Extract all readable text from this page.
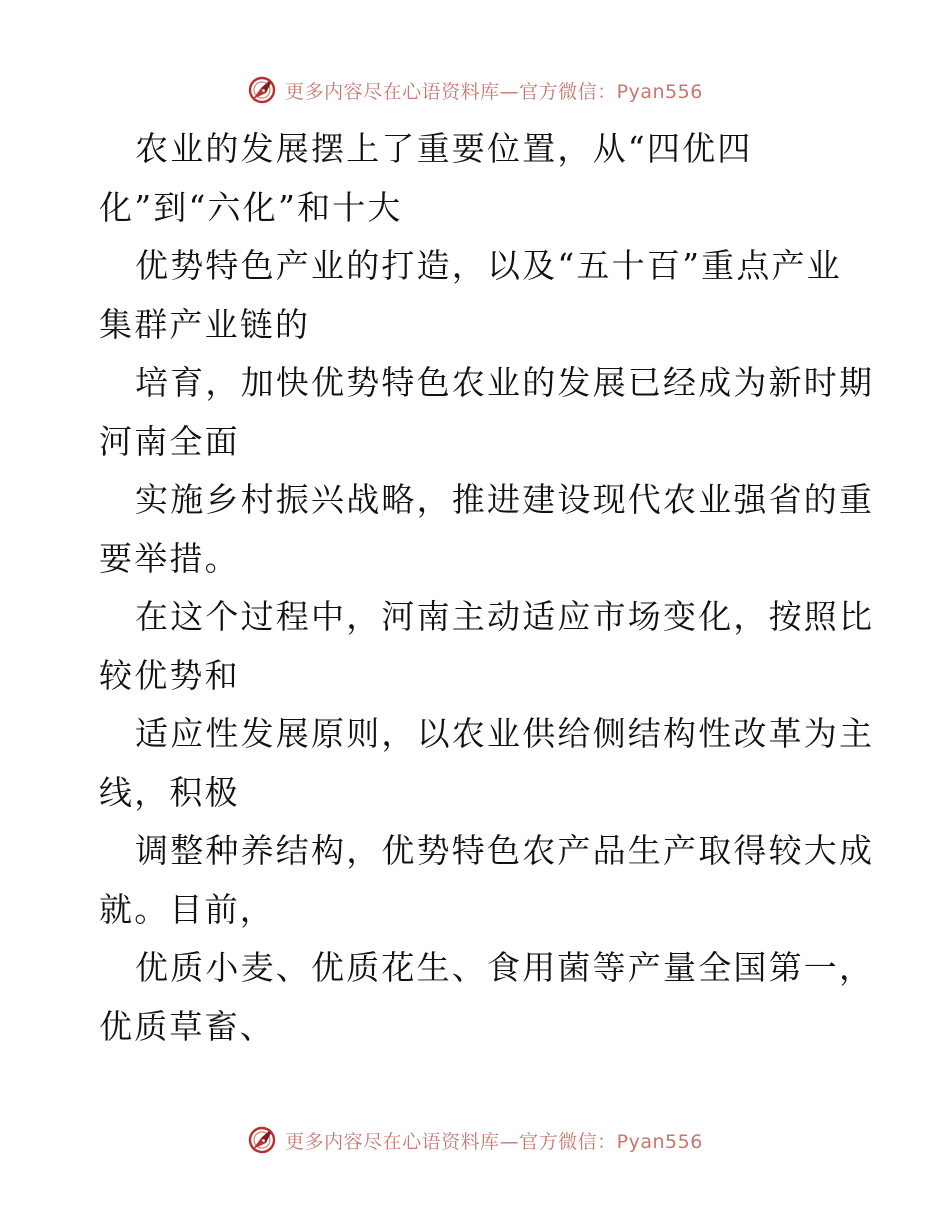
更多内容尽在心语资料库—官方微信：Pyan556
农业的发展摆上了重要位置，从“四优四
化”到“六化”和十大
优势特色产业的打造，以及“五十百”重点产业
集群产业链的
培育，加快优势特色农业的发展已经成为新时期
河南全面
实施乡村振兴战略，推进建设现代农业强省的重
要举措。
在这个过程中，河南主动适应市场变化，按照比
较优势和
适应性发展原则，以农业供给侧结构性改革为主
线，积极
调整种养结构，优势特色农产品生产取得较大成
就。目前，
优质小麦、优质花生、食用菌等产量全国第一，
优质草畜、
更多内容尽在心语资料库—官方微信：Pyan556
